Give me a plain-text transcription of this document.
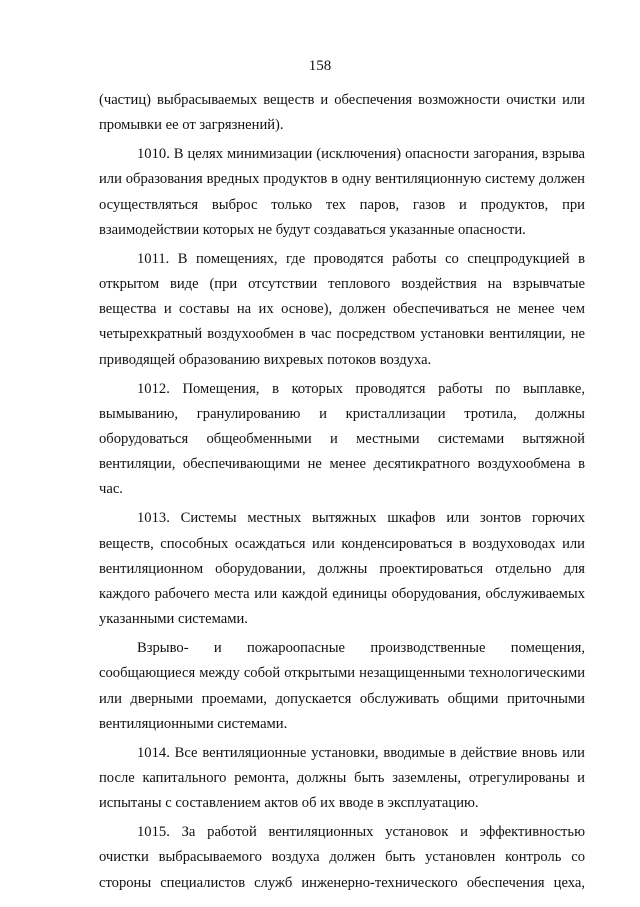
158

(частиц) выбрасываемых веществ и обеспечения возможности очистки или промывки ее от загрязнений).

1010. В целях минимизации (исключения) опасности загорания, взрыва или образования вредных продуктов в одну вентиляционную систему должен осуществляться выброс только тех паров, газов и продуктов, при взаимодействии которых не будут создаваться указанные опасности.

1011. В помещениях, где проводятся работы со спецпродукцией в открытом виде (при отсутствии теплового воздействия на взрывчатые вещества и составы на их основе), должен обеспечиваться не менее чем четырехкратный воздухообмен в час посредством установки вентиляции, не приводящей образованию вихревых потоков воздуха.

1012. Помещения, в которых проводятся работы по выплавке, вымыванию, гранулированию и кристаллизации тротила, должны оборудоваться общеобменными и местными системами вытяжной вентиляции, обеспечивающими не менее десятикратного воздухообмена в час.

1013. Системы местных вытяжных шкафов или зонтов горючих веществ, способных осаждаться или конденсироваться в воздуховодах или вентиляционном оборудовании, должны проектироваться отдельно для каждого рабочего места или каждой единицы оборудования, обслуживаемых указанными системами.

Взрыво- и пожароопасные производственные помещения, сообщающиеся между собой открытыми незащищенными технологическими или дверными проемами, допускается обслуживать общими приточными вентиляционными системами.

1014. Все вентиляционные установки, вводимые в действие вновь или после капитального ремонта, должны быть заземлены, отрегулированы и испытаны с составлением актов об их вводе в эксплуатацию.

1015. За работой вентиляционных установок и эффективностью очистки выбрасываемого воздуха должен быть установлен контроль со стороны специалистов служб инженерно-технического обеспечения цеха,
